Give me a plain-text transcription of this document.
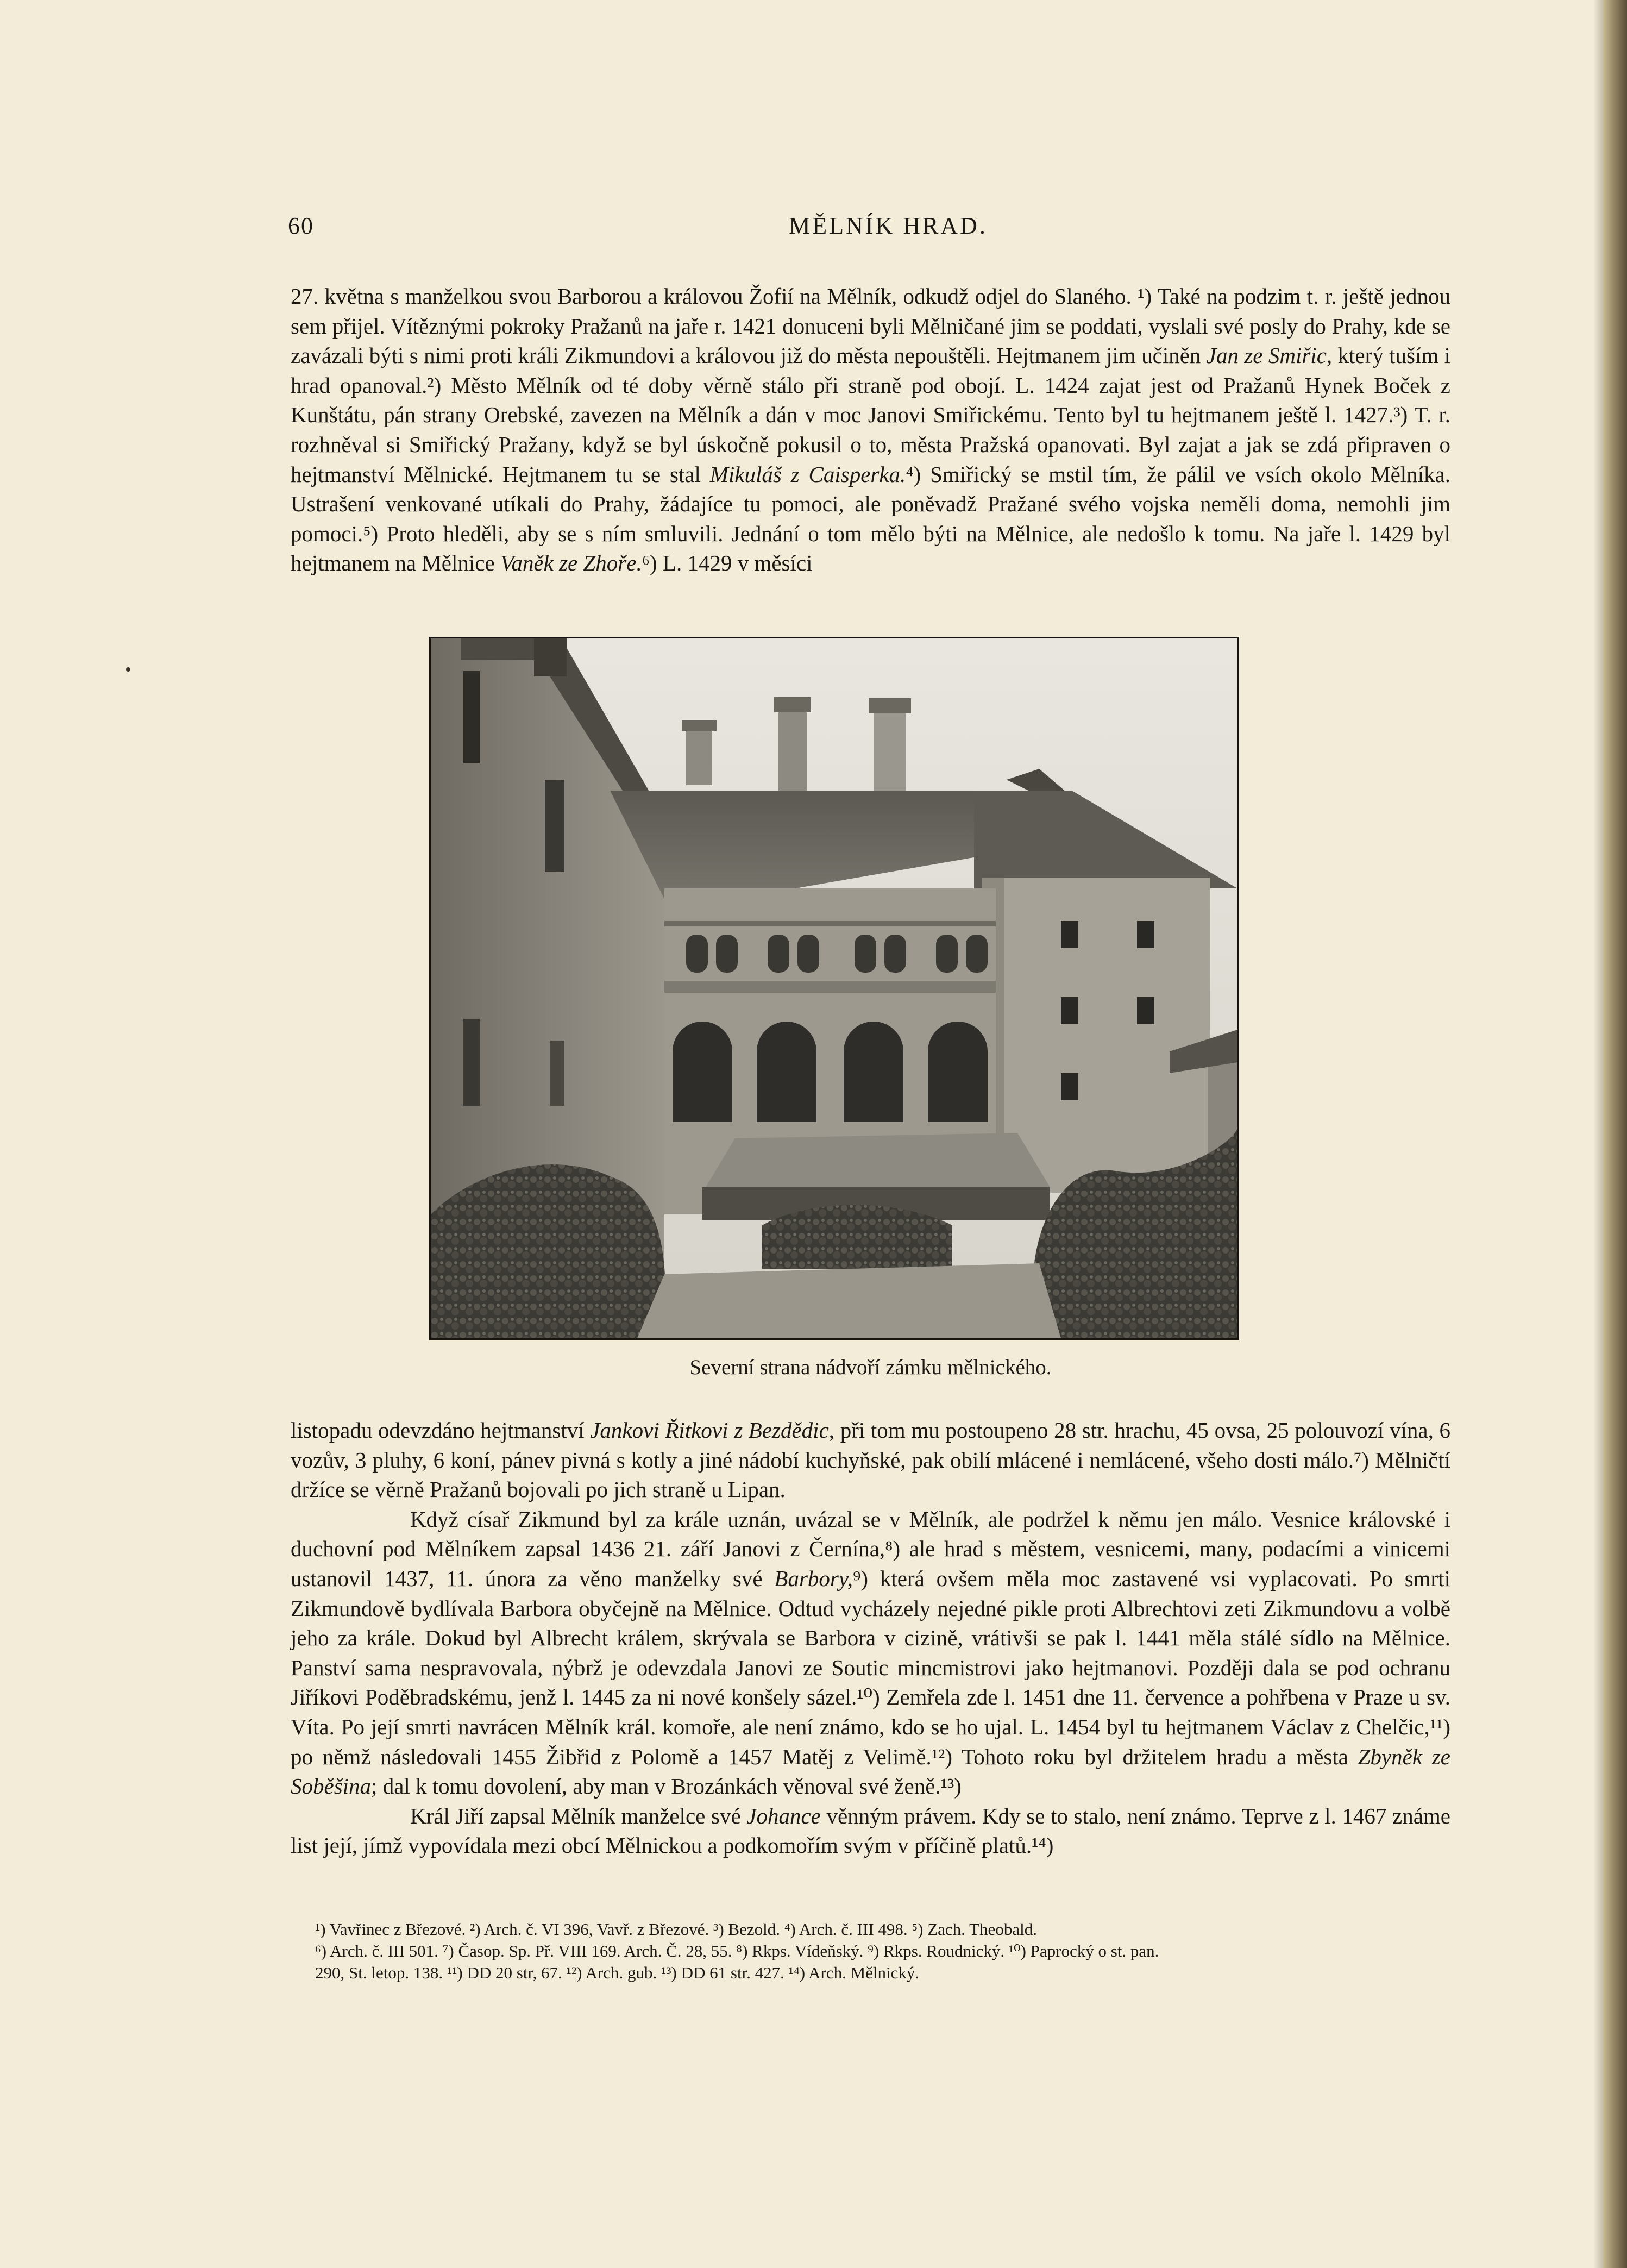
60	MĚLNÍK HRAD.

27. května s manželkou svou Barborou a královou Žofií na Mělník, odkudž odjel do Slaného. ¹) Také na podzim t. r. ještě jednou sem přijel. Vítěznými pokroky Pražanů na jaře r. 1421 donuceni byli Mělničané jim se poddati, vyslali své posly do Prahy, kde se zavázali býti s nimi proti králi Zikmundovi a královou již do města nepouštěli. Hejtmanem jim učiněn Jan ze Smiřic, který tuším i hrad opanoval.²) Město Mělník od té doby věrně stálo při straně pod obojí. L. 1424 zajat jest od Pražanů Hynek Boček z Kunštátu, pán strany Orebské, zavezen na Mělník a dán v moc Janovi Smiřickému. Tento byl tu hejtmanem ještě l. 1427.³) T. r. rozhněval si Smiřický Pražany, když se byl úskočně pokusil o to, města Pražská opanovati. Byl zajat a jak se zdá připraven o hejtmanství Mělnické. Hejtmanem tu se stal Mikuláš z Caisperka.⁴) Smiřický se mstil tím, že pálil ve vsích okolo Mělníka. Ustrašení venkované utíkali do Prahy, žádajíce tu pomoci, ale poněvadž Pražané svého vojska neměli doma, nemohli jim pomoci.⁵) Proto hleděli, aby se s ním smluvili. Jednání o tom mělo býti na Mělnice, ale nedošlo k tomu. Na jaře l. 1429 byl hejtmanem na Mělnice Vaněk ze Zhoře.⁶) L. 1429 v měsíci

Severní strana nádvoří zámku mělnického.

listopadu odevzdáno hejtmanství Jankovi Řitkovi z Bezdědic, při tom mu postoupeno 28 str. hrachu, 45 ovsa, 25 polouvozí vína, 6 vozův, 3 pluhy, 6 koní, pánev pivná s kotly a jiné nádobí kuchyňské, pak obilí mlácené i nemlácené, všeho dosti málo.⁷) Mělničtí držíce se věrně Pražanů bojovali po jich straně u Lipan.

Když císař Zikmund byl za krále uznán, uvázal se v Mělník, ale podržel k němu jen málo. Vesnice královské i duchovní pod Mělníkem zapsal 1436 21. září Janovi z Černína,⁸) ale hrad s městem, vesnicemi, many, podacími a vinicemi ustanovil 1437, 11. února za věno manželky své Barbory,⁹) která ovšem měla moc zastavené vsi vyplacovati. Po smrti Zikmundově bydlívala Barbora obyčejně na Mělnice. Odtud vycházely nejedné pikle proti Albrechtovi zeti Zikmundovu a volbě jeho za krále. Dokud byl Albrecht králem, skrývala se Barbora v cizině, vrátivši se pak l. 1441 měla stálé sídlo na Mělnice. Panství sama nespravovala, nýbrž je odevzdala Janovi ze Soutic mincmistrovi jako hejtmanovi. Později dala se pod ochranu Jiříkovi Poděbradskému, jenž l. 1445 za ni nové konšely sázel.¹⁰) Zemřela zde l. 1451 dne 11. července a pohřbena v Praze u sv. Víta. Po její smrti navrácen Mělník král. komoře, ale není známo, kdo se ho ujal. L. 1454 byl tu hejtmanem Václav z Chelčic,¹¹) po němž následovali 1455 Žibřid z Polomě a 1457 Matěj z Velimě.¹²) Tohoto roku byl držitelem hradu a města Zbyněk ze Soběšina; dal k tomu dovolení, aby man v Brozánkách věnoval své ženě.¹³)

Král Jiří zapsal Mělník manželce své Johance věnným právem. Kdy se to stalo, není známo. Teprve z l. 1467 známe list její, jímž vypovídala mezi obcí Mělnickou a podkomořím svým v příčině platů.¹⁴)

¹) Vavřinec z Březové. ²) Arch. č. VI 396, Vavř. z Březové. ³) Bezold. ⁴) Arch. č. III 498. ⁵) Zach. Theobald.

⁶) Arch. č. III 501. ⁷) Časop. Sp. Př. VIII 169. Arch. Č. 28, 55. ⁸) Rkps. Vídeňský. ⁹) Rkps. Roudnický. ¹⁰) Paprocký o st. pan.

290, St. letop. 138. ¹¹) DD 20 str, 67. ¹²) Arch. gub. ¹³) DD 61 str. 427. ¹⁴) Arch. Mělnický.
